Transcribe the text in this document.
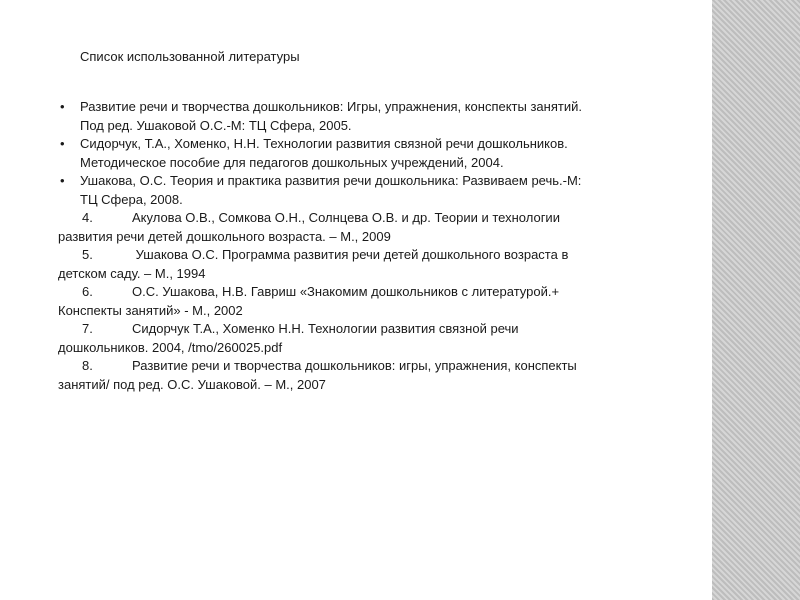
Список использованной литературы
•	Развитие речи и творчества дошкольников: Игры, упражнения, конспекты занятий.
Под ред. Ушаковой О.С.-М: ТЦ Сфера, 2005.
•	Сидорчук, Т.А., Хоменко, Н.Н. Технологии развития связной речи дошкольников.
Методическое пособие для педагогов дошкольных учреждений, 2004.
•	Ушакова, О.С. Теория и практика развития речи дошкольника: Развиваем речь.-М:
ТЦ Сфера, 2008.
4.	Акулова О.В., Сомкова О.Н., Солнцева О.В. и др. Теории и технологии
развития речи детей дошкольного возраста. – М., 2009
5.	Ушакова О.С. Программа развития речи детей дошкольного возраста в
детском саду. – М., 1994
6.	О.С. Ушакова, Н.В. Гавриш «Знакомим дошкольников с литературой.+
Конспекты занятий» - М., 2002
7.	Сидорчук Т.А., Хоменко Н.Н. Технологии развития связной речи
дошкольников. 2004, /tmo/260025.pdf
8.	Развитие речи и творчества дошкольников: игры, упражнения, конспекты
занятий/ под ред. О.С. Ушаковой. – М., 2007
